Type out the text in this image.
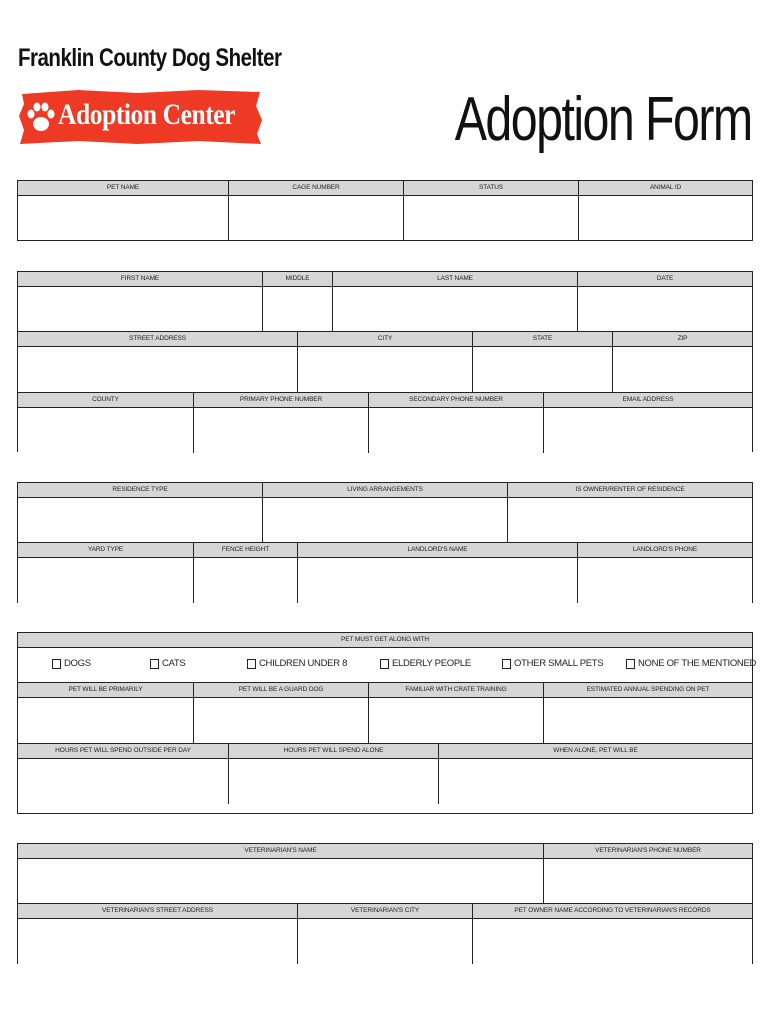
Franklin County Dog Shelter
Adoption Center	Adoption Form
PET NAME	CAGE NUMBER	STATUS	ANIMAL ID
FIRST NAME	MIDDLE	LAST NAME	DATE
STREET ADDRESS	CITY	STATE	ZIP
COUNTY	PRIMARY PHONE NUMBER	SECONDARY PHONE NUMBER	EMAIL ADDRESS
RESIDENCE TYPE	LIVING ARRANGEMENTS	IS OWNER/RENTER OF RESIDENCE
YARD TYPE	FENCE HEIGHT	LANDLORD'S NAME	LANDLORD'S PHONE
PET MUST GET ALONG WITH
DOGS	CATS	CHILDREN UNDER 8	ELDERLY PEOPLE	OTHER SMALL PETS	NONE OF THE MENTIONED
PET WILL BE PRIMARILY	PET WILL BE A GUARD DOG	FAMILIAR WITH CRATE TRAINING	ESTIMATED ANNUAL SPENDING ON PET
HOURS PET WILL SPEND OUTSIDE PER DAY	HOURS PET WILL SPEND ALONE	WHEN ALONE, PET WILL BE
VETERINARIAN'S NAME	VETERINARIAN'S PHONE NUMBER
VETERINARIAN'S STREET ADDRESS	VETERINARIAN'S CITY	PET OWNER NAME ACCORDING TO VETERINARIAN'S RECORDS
